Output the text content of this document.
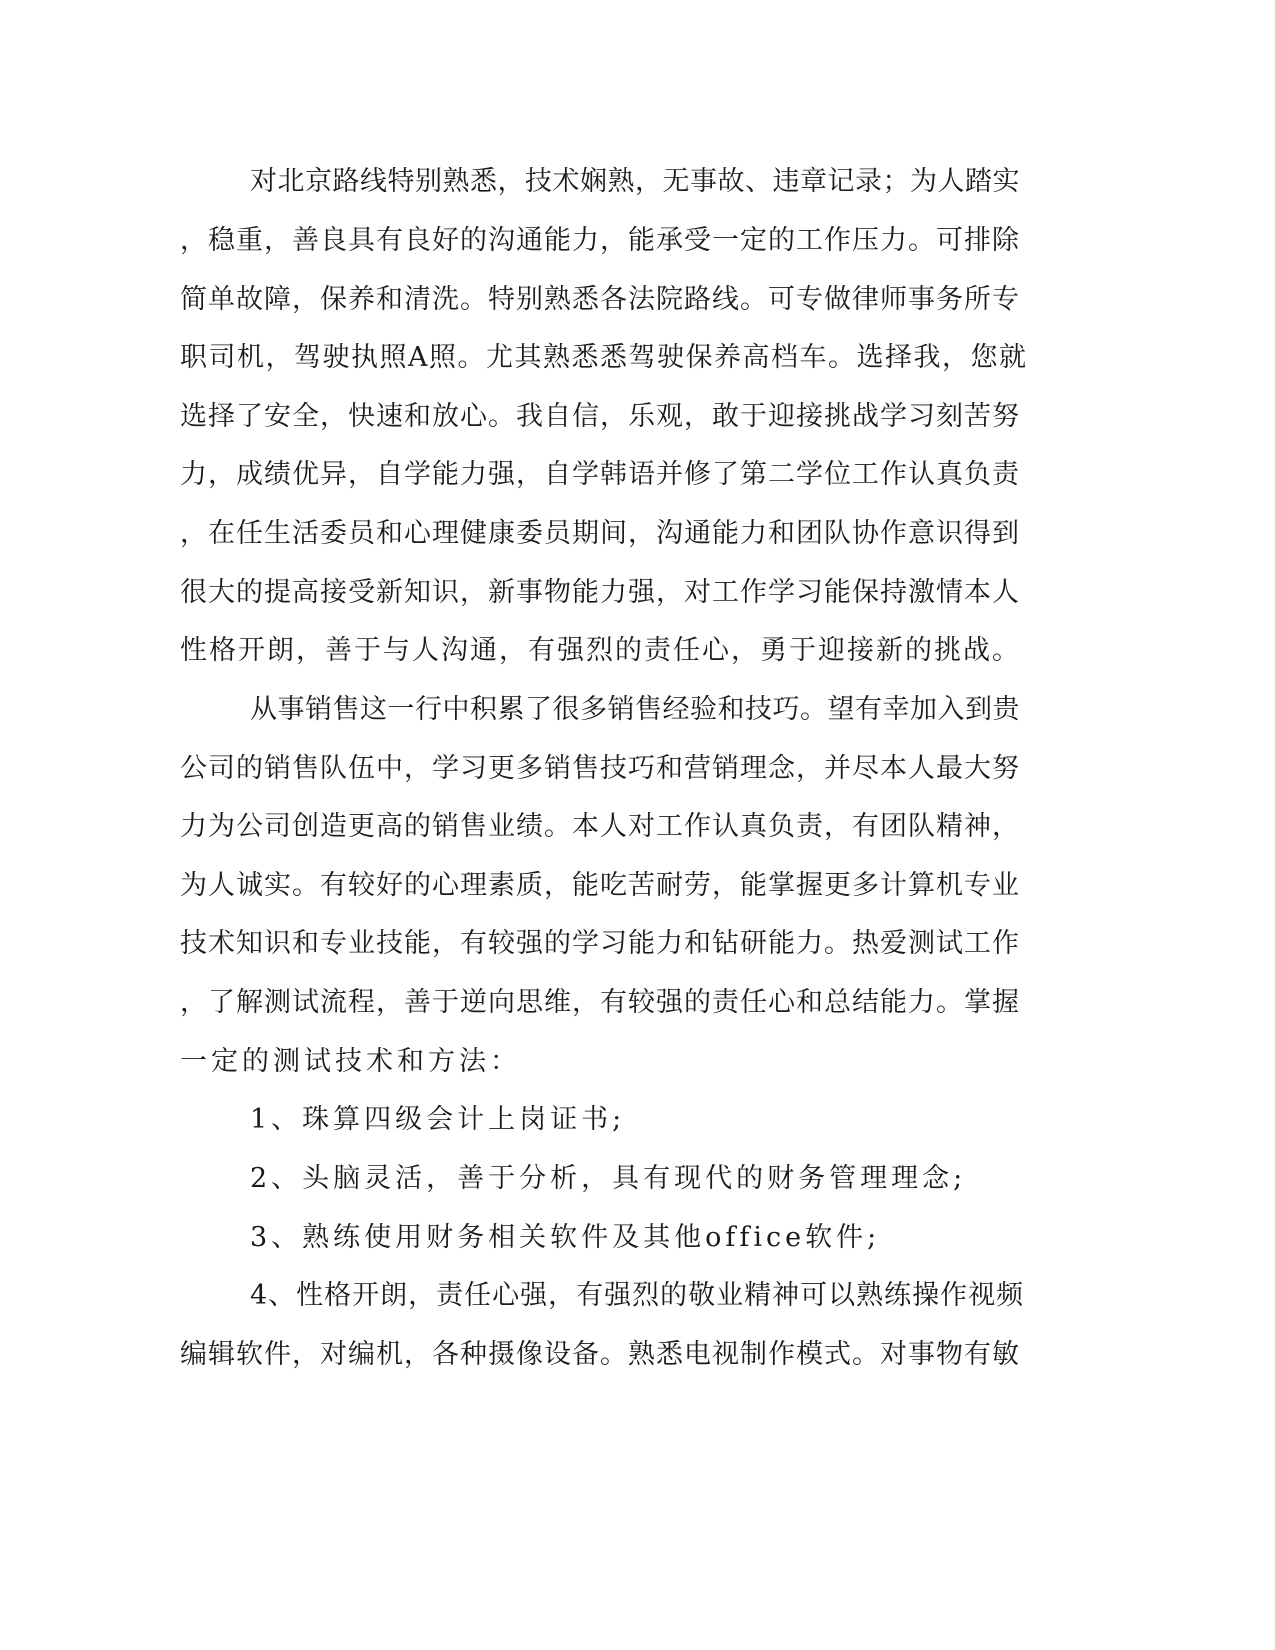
对北京路线特别熟悉，技术娴熟，无事故、违章记录；为人踏实
，稳重，善良具有良好的沟通能力，能承受一定的工作压力。可排除
简单故障，保养和清洗。特别熟悉各法院路线。可专做律师事务所专
职司机，驾驶执照A照。尤其熟悉悉驾驶保养高档车。选择我，您就
选择了安全，快速和放心。我自信，乐观，敢于迎接挑战学习刻苦努
力，成绩优异，自学能力强，自学韩语并修了第二学位工作认真负责
，在任生活委员和心理健康委员期间，沟通能力和团队协作意识得到
很大的提高接受新知识，新事物能力强，对工作学习能保持激情本人
性格开朗，善于与人沟通，有强烈的责任心，勇于迎接新的挑战。
从事销售这一行中积累了很多销售经验和技巧。望有幸加入到贵
公司的销售队伍中，学习更多销售技巧和营销理念，并尽本人最大努
力为公司创造更高的销售业绩。本人对工作认真负责，有团队精神，
为人诚实。有较好的心理素质，能吃苦耐劳，能掌握更多计算机专业
技术知识和专业技能，有较强的学习能力和钻研能力。热爱测试工作
，了解测试流程，善于逆向思维，有较强的责任心和总结能力。掌握
一定的测试技术和方法：
1、珠算四级会计上岗证书;
2、头脑灵活，善于分析，具有现代的财务管理理念;
3、熟练使用财务相关软件及其他office软件;
4、性格开朗，责任心强，有强烈的敬业精神可以熟练操作视频
编辑软件，对编机，各种摄像设备。熟悉电视制作模式。对事物有敏
